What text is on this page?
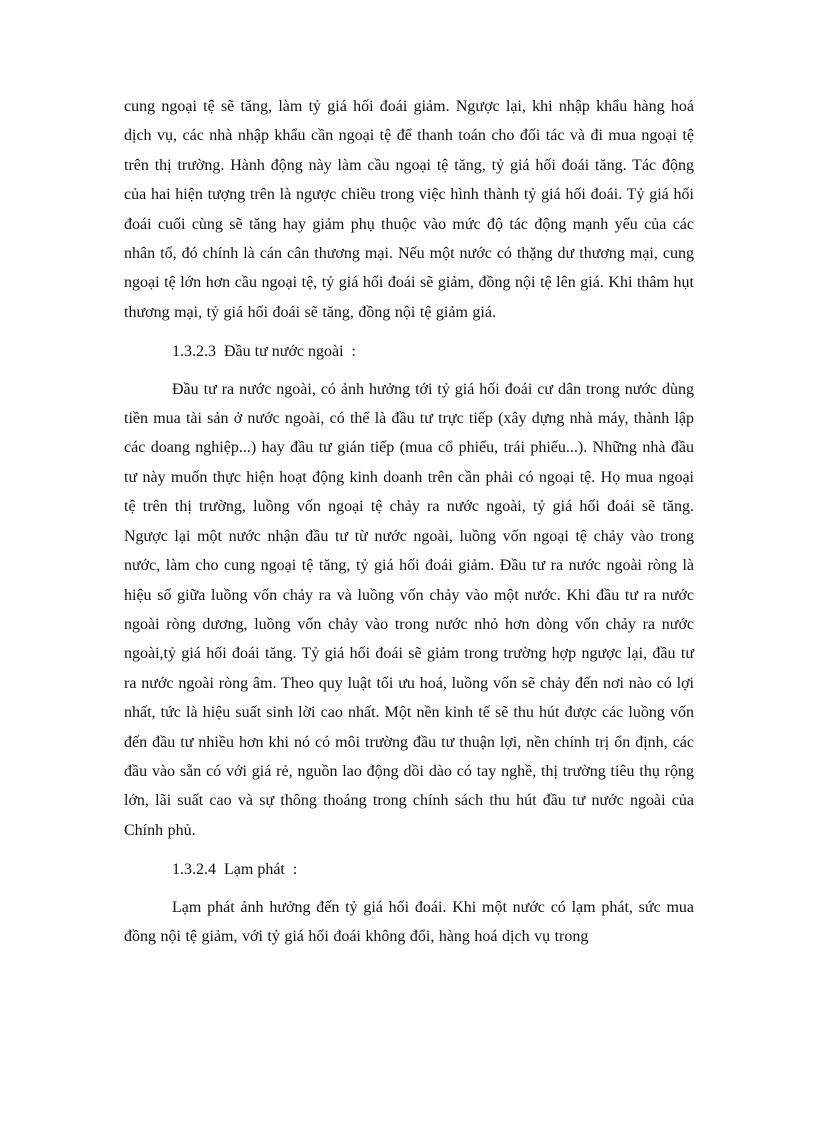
cung ngoại tệ sẽ tăng, làm tỷ giá hối đoái giảm. Ngược lại, khi nhập khẩu hàng hoá dịch vụ, các nhà nhập khẩu cần ngoại tệ để thanh toán cho đối tác và đi mua ngoại tệ trên thị trường. Hành động này làm cầu ngoại tệ tăng, tỷ giá hối đoái tăng. Tác động của hai hiện tượng trên là ngược chiều trong việc hình thành tỷ giá hối đoái. Tỷ giá hối đoái cuối cùng sẽ tăng hay giảm phụ thuộc vào mức độ tác động mạnh yếu của các nhân tố, đó chính là cán cân thương mại. Nếu một nước có thặng dư thương mại, cung ngoại tệ lớn hơn cầu ngoại tệ, tỷ giá hối đoái sẽ giảm, đồng nội tệ lên giá. Khi thâm hụt thương mại, tỷ giá hối đoái sẽ tăng, đồng nội tệ giảm giá.

1.3.2.3  Đầu tư nước ngoài  :

Đầu tư ra nước ngoài, có ảnh hưởng tới tỷ giá hối đoái cư dân trong nước dùng tiền mua tài sản ở nước ngoài, có thể là đầu tư trực tiếp (xây dựng nhà máy, thành lập các doang nghiệp...) hay đầu tư gián tiếp (mua cổ phiếu, trái phiếu...). Những nhà đầu tư này muốn thực hiện hoạt động kinh doanh trên cần phải có ngoại tệ. Họ mua ngoại tệ trên thị trường, luồng vốn ngoại tệ chảy ra nước ngoài, tỷ giá hối đoái sẽ tăng. Ngược lại một nước nhận đầu tư từ nước ngoài, luồng vốn ngoại tệ chảy vào trong nước, làm cho cung ngoại tệ tăng, tỷ giá hối đoái giảm. Đầu tư ra nước ngoài ròng là hiệu số giữa luồng vốn chảy ra và luồng vốn chảy vào một nước. Khi đầu tư ra nước ngoài ròng dương, luồng vốn chảy vào trong nước nhỏ hơn dòng vốn chảy ra nước ngoài,tỷ giá hối đoái tăng. Tỷ giá hối đoái sẽ giảm trong trường hợp ngược lại, đầu tư ra nước ngoài ròng âm. Theo quy luật tối ưu hoá, luồng vốn sẽ chảy đến nơi nào có lợi nhất, tức là hiệu suất sinh lời cao nhất. Một nền kinh tế sẽ thu hút được các luồng vốn đến đầu tư nhiều hơn khi nó có môi trường đầu tư thuận lợi, nền chính trị ổn định, các đầu vào sẵn có với giá rẻ, nguồn lao động dồi dào có tay nghề, thị trường tiêu thụ rộng lớn, lãi suất cao và sự thông thoáng trong chính sách thu hút đầu tư nước ngoài của Chính phủ.

1.3.2.4  Lạm phát  :

Lạm phát ảnh hưởng đến tỷ giá hối đoái. Khi một nước có lạm phát, sức mua đồng nội tệ giảm, với tỷ giá hối đoái không đổi, hàng hoá dịch vụ trong
